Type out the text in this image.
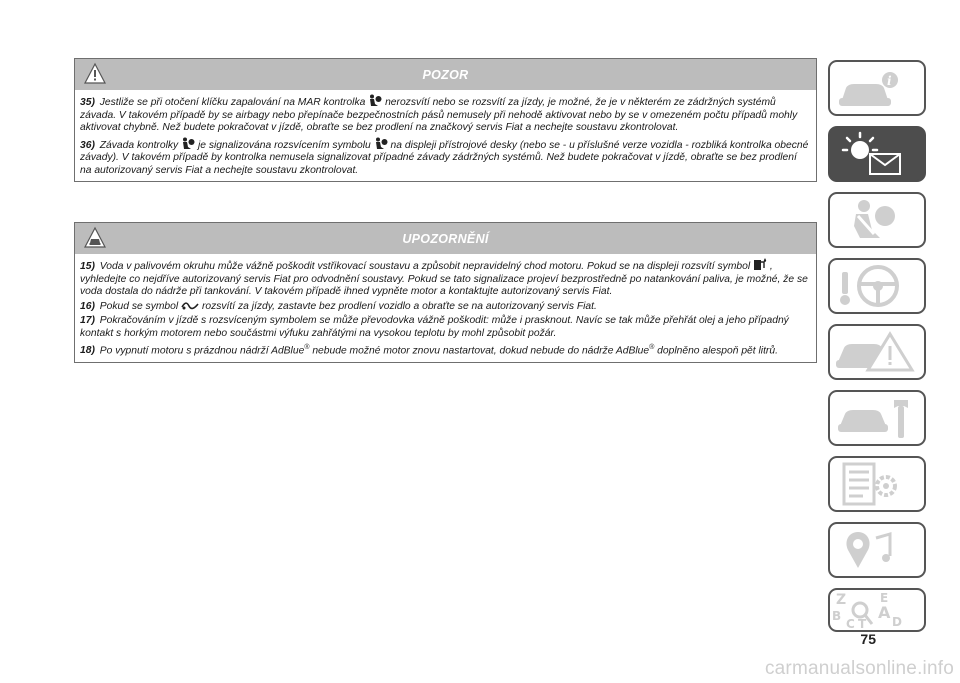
POZOR

35) Jestliže se při otočení klíčku zapalování na MAR kontrolka nerozsvítí nebo se rozsvítí za jízdy, je možné, že je v některém ze zádržných systémů závada. V takovém případě by se airbagy nebo přepínače bezpečnostních pásů nemusely při nehodě aktivovat nebo by se v omezeném počtu případů mohly aktivovat chybně. Než budete pokračovat v jízdě, obraťte se bez prodlení na značkový servis Fiat a nechejte soustavu zkontrolovat.

36) Závada kontrolky je signalizována rozsvícením symbolu na displeji přístrojové desky (nebo se - u příslušné verze vozidla - rozbliká kontrolka obecné závady). V takovém případě by kontrolka nemusela signalizovat případné závady zádržných systémů. Než budete pokračovat v jízdě, obraťte se bez prodlení na autorizovaný servis Fiat a nechejte soustavu zkontrolovat.

UPOZORNĚNÍ

15) Voda v palivovém okruhu může vážně poškodit vstřikovací soustavu a způsobit nepravidelný chod motoru. Pokud se na displeji rozsvítí symbol , vyhledejte co nejdříve autorizovaný servis Fiat pro odvodnění soustavy. Pokud se tato signalizace projeví bezprostředně po natankování paliva, je možné, že se voda dostala do nádrže při tankování. V takovém případě ihned vypněte motor a kontaktujte autorizovaný servis Fiat.

16) Pokud se symbol rozsvítí za jízdy, zastavte bez prodlení vozidlo a obraťte se na autorizovaný servis Fiat.

17) Pokračováním v jízdě s rozsvíceným symbolem se může převodovka vážně poškodit: může i prasknout. Navíc se tak může přehřát olej a jeho případný kontakt s horkým motorem nebo součástmi výfuku zahřátými na vysokou teplotu by mohl způsobit požár.

18) Po vypnutí motoru s prázdnou nádrží AdBlue® nebude možné motor znovu nastartovat, dokud nebude do nádrže AdBlue® doplněno alespoň pět litrů.

i
Z	E
A
B
C T D
75
carmanualsonline.info
